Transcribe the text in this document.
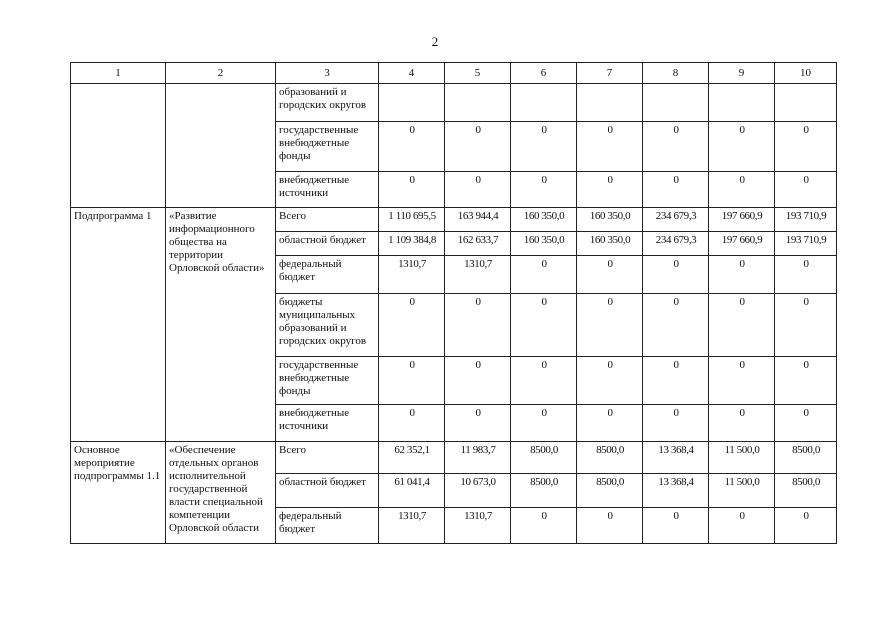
2
1	2	3	4	5	6	7	8	9	10
		образований и городских округов							
		государственные внебюджетные фонды	0	0	0	0	0	0	0
		внебюджетные источники	0	0	0	0	0	0	0
Подпрограмма 1	«Развитие информационного общества на территории Орловской области»	Всего	1 110 695,5	163 944,4	160 350,0	160 350,0	234 679,3	197 660,9	193 710,9
		областной бюджет	1 109 384,8	162 633,7	160 350,0	160 350,0	234 679,3	197 660,9	193 710,9
		федеральный бюджет	1310,7	1310,7	0	0	0	0	0
		бюджеты муниципальных образований и городских округов	0	0	0	0	0	0	0
		государственные внебюджетные фонды	0	0	0	0	0	0	0
		внебюджетные источники	0	0	0	0	0	0	0
Основное мероприятие подпрограммы 1.1	«Обеспечение отдельных органов исполнительной государственной власти специальной компетенции Орловской области	Всего	62 352,1	11 983,7	8500,0	8500,0	13 368,4	11 500,0	8500,0
		областной бюджет	61 041,4	10 673,0	8500,0	8500,0	13 368,4	11 500,0	8500,0
		федеральный бюджет	1310,7	1310,7	0	0	0	0	0
